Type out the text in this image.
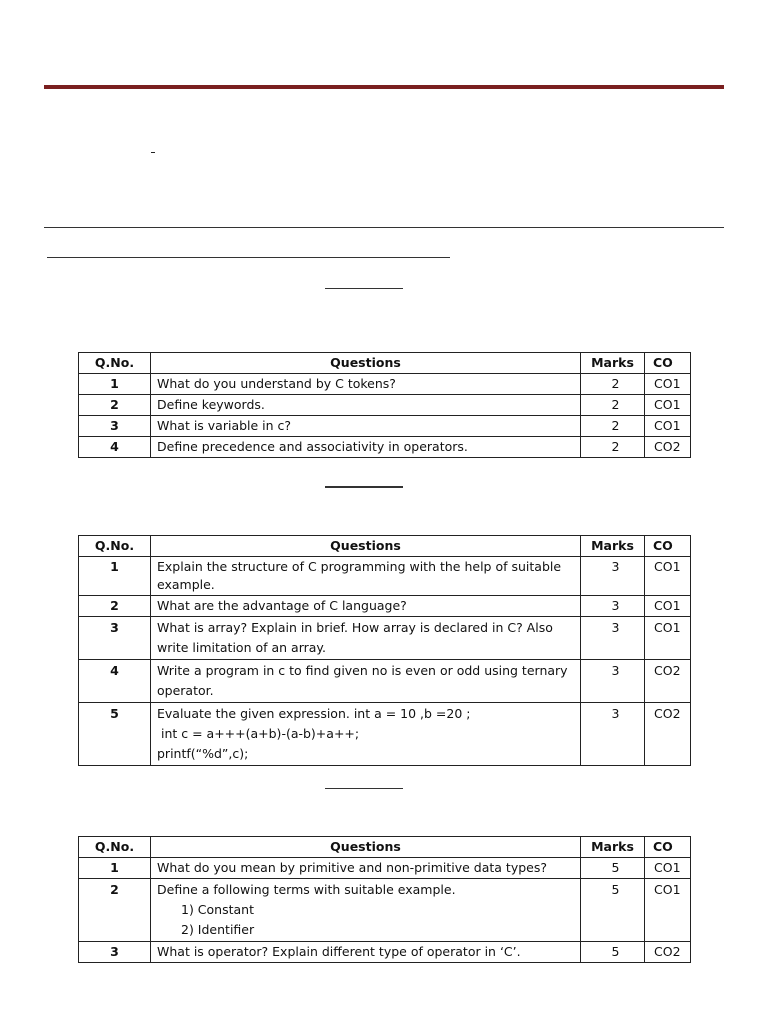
Q.No.	Questions	Marks	CO
1	What do you understand by C tokens?	2	CO1
2	Define keywords.	2	CO1
3	What is variable in c?	2	CO1
4	Define precedence and associativity in operators.	2	CO2
Q.No.	Questions	Marks	CO
1	Explain the structure of C programming with the help of suitable
example.	3	CO1
2	What are the advantage of C language?	3	CO1
3	What is array? Explain in brief. How array is declared in C? Also
write limitation of an array.	3	CO1
4	Write a program in c to find given no is even or odd using ternary
operator.	3	CO2
5	Evaluate the given expression. int a = 10 ,b =20 ;
int c = a+++(a+b)-(a-b)+a++;
printf(“%d”,c);	3	CO2
Q.No.	Questions	Marks	CO
1	What do you mean by primitive and non-primitive data types?	5	CO1
2	Define a following terms with suitable example.
1) Constant
2) Identifier	5	CO1
3	What is operator? Explain different type of operator in ‘C’.	5	CO2
